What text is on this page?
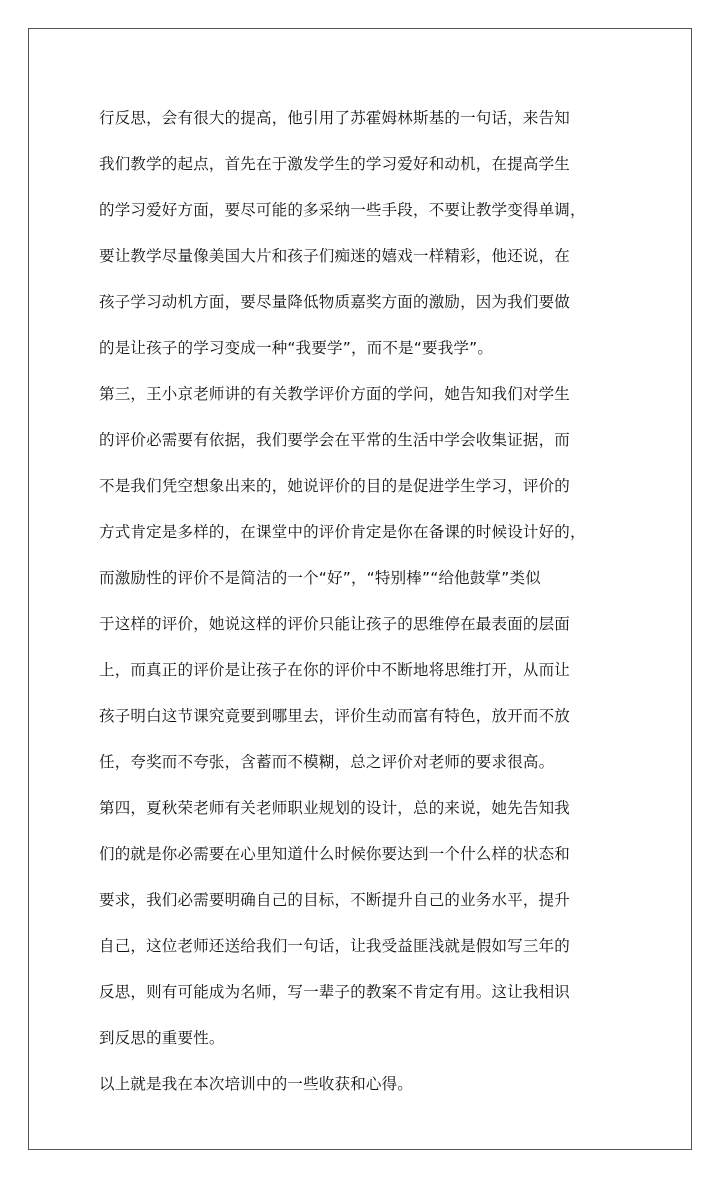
行反思，会有很大的提高，他引用了苏霍姆林斯基的一句话，来告知
我们教学的起点，首先在于激发学生的学习爱好和动机，在提高学生
的学习爱好方面，要尽可能的多采纳一些手段，不要让教学变得单调，
要让教学尽量像美国大片和孩子们痴迷的嬉戏一样精彩，他还说，在
孩子学习动机方面，要尽量降低物质嘉奖方面的激励，因为我们要做
的是让孩子的学习变成一种“我要学”，而不是“要我学”。
第三，王小京老师讲的有关教学评价方面的学问，她告知我们对学生
的评价必需要有依据，我们要学会在平常的生活中学会收集证据，而
不是我们凭空想象出来的，她说评价的目的是促进学生学习，评价的
方式肯定是多样的，在课堂中的评价肯定是你在备课的时候设计好的，
而激励性的评价不是简洁的一个“好”，“特别棒”“给他鼓掌”类似
于这样的评价，她说这样的评价只能让孩子的思维停在最表面的层面
上，而真正的评价是让孩子在你的评价中不断地将思维打开，从而让
孩子明白这节课究竟要到哪里去，评价生动而富有特色，放开而不放
任，夸奖而不夸张，含蓄而不模糊，总之评价对老师的要求很高。
第四，夏秋荣老师有关老师职业规划的设计，总的来说，她先告知我
们的就是你必需要在心里知道什么时候你要达到一个什么样的状态和
要求，我们必需要明确自己的目标，不断提升自己的业务水平，提升
自己，这位老师还送给我们一句话，让我受益匪浅就是假如写三年的
反思，则有可能成为名师，写一辈子的教案不肯定有用。这让我相识
到反思的重要性。
以上就是我在本次培训中的一些收获和心得。
